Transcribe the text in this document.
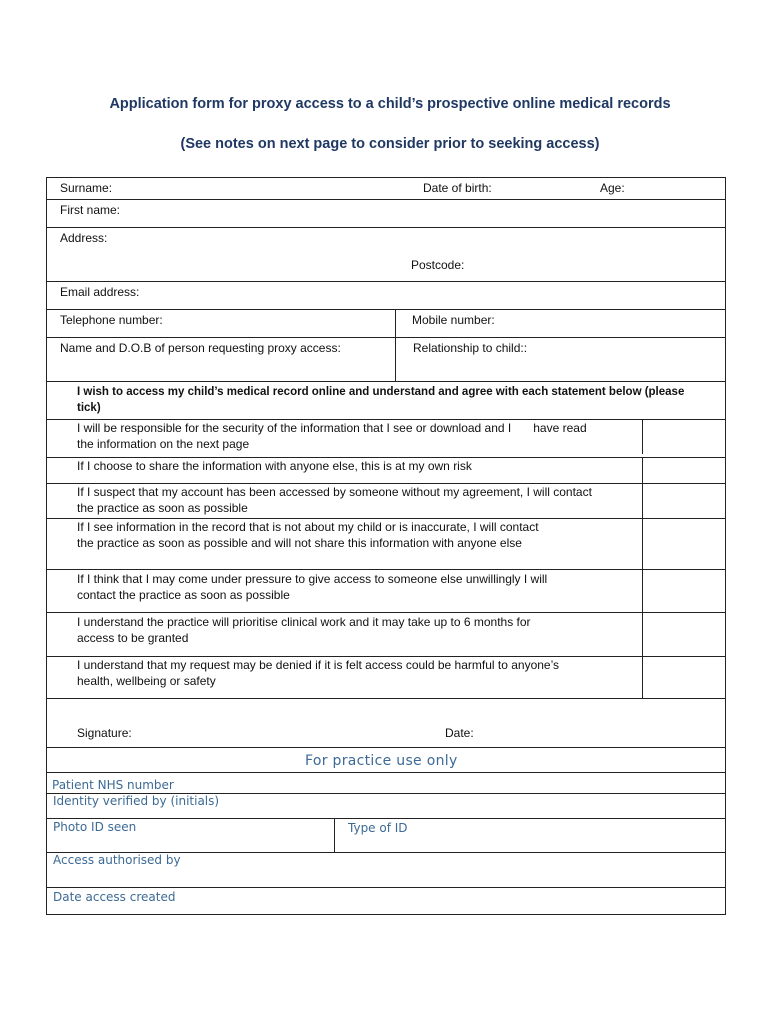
Application form for proxy access to a child’s prospective online medical records
(See notes on next page to consider prior to seeking access)
Surname:	Date of birth:	Age:
First name:
Address:
Postcode:
Email address:
Telephone number:	Mobile number:
Name and D.O.B of person requesting proxy access:	Relationship to child::
I wish to access my child’s medical record online and understand and agree with each statement below (please tick)
I will be responsible for the security of the information that I see or download and I have read
the information on the next page
If I choose to share the information with anyone else, this is at my own risk
If I suspect that my account has been accessed by someone without my agreement, I will contact
the practice as soon as possible
If I see information in the record that is not about my child or is inaccurate, I will contact
the practice as soon as possible and will not share this information with anyone else
If I think that I may come under pressure to give access to someone else unwillingly I will
contact the practice as soon as possible
I understand the practice will prioritise clinical work and it may take up to 6 months for
access to be granted
I understand that my request may be denied if it is felt access could be harmful to anyone’s
health, wellbeing or safety
Signature:	Date:
For practice use only
Patient NHS number
Identity verified by (initials)
Photo ID seen	Type of ID
Access authorised by
Date access created
